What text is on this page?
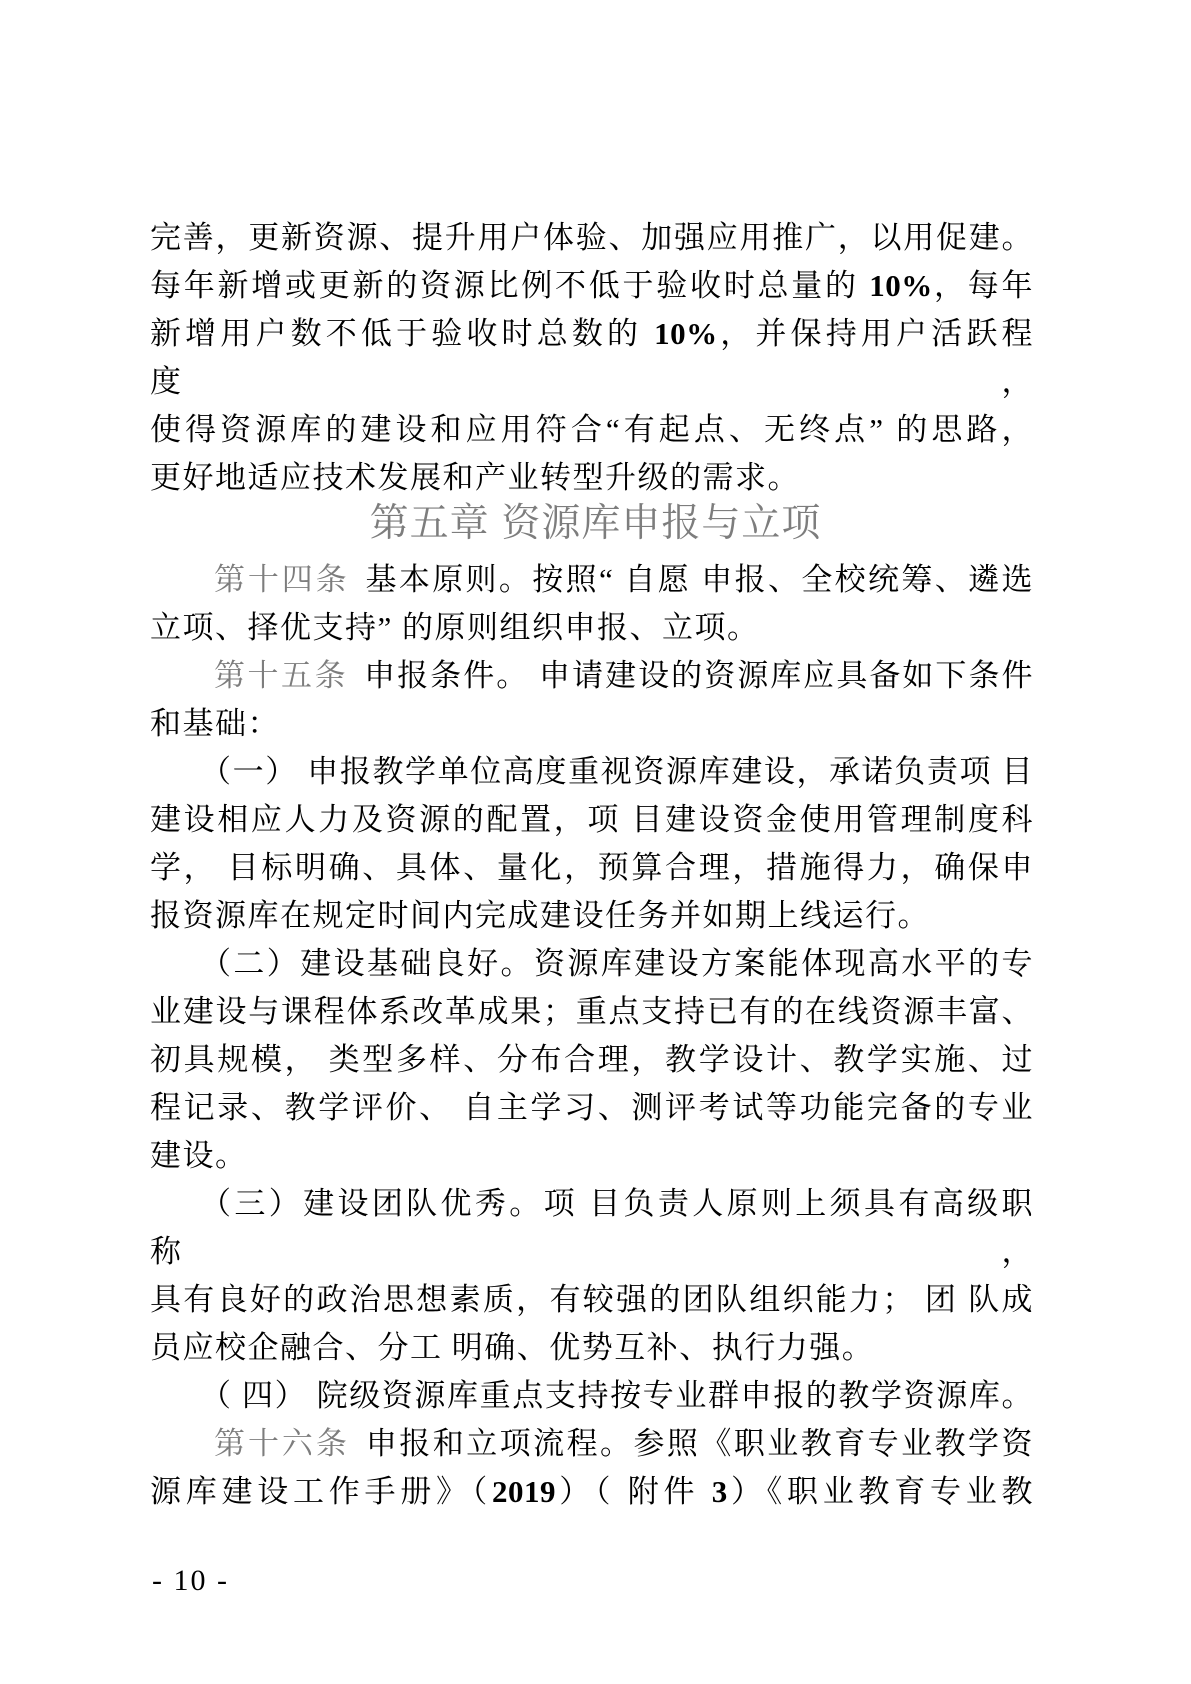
完善，更新资源、提升用户体验、加强应用推广，以用促建。
每年新增或更新的资源比例不低于验收时总量的 10%，每年
新增用户数不低于验收时总数的 10%，并保持用户活跃程度，
使得资源库的建设和应用符合“有起点、无终点” 的思路，
更好地适应技术发展和产业转型升级的需求。
第五章 资源库申报与立项
第十四条 基本原则。按照“ 自愿 申报、全校统筹、遴选
立项、择优支持” 的原则组织申报、立项。
第十五条 申报条件。 申请建设的资源库应具备如下条件
和基础：
（一） 申报教学单位高度重视资源库建设，承诺负责项 目
建设相应人力及资源的配置，项 目建设资金使用管理制度科
学， 目标明确、具体、量化，预算合理，措施得力，确保申
报资源库在规定时间内完成建设任务并如期上线运行。
（二）建设基础良好。资源库建设方案能体现高水平的专
业建设与课程体系改革成果；重点支持已有的在线资源丰富、
初具规模， 类型多样、分布合理，教学设计、教学实施、过
程记录、教学评价、 自主学习、测评考试等功能完备的专业
建设。
（三）建设团队优秀。项 目负责人原则上须具有高级职称，
具有良好的政治思想素质，有较强的团队组织能力； 团 队成
员应校企融合、分工 明确、优势互补、执行力强。
（ 四） 院级资源库重点支持按专业群申报的教学资源库。
第十六条 申报和立项流程。参照《职业教育专业教学资
源库建设工作手册》（2019）（ 附件 3）《职业教育专业教
- 10 -
